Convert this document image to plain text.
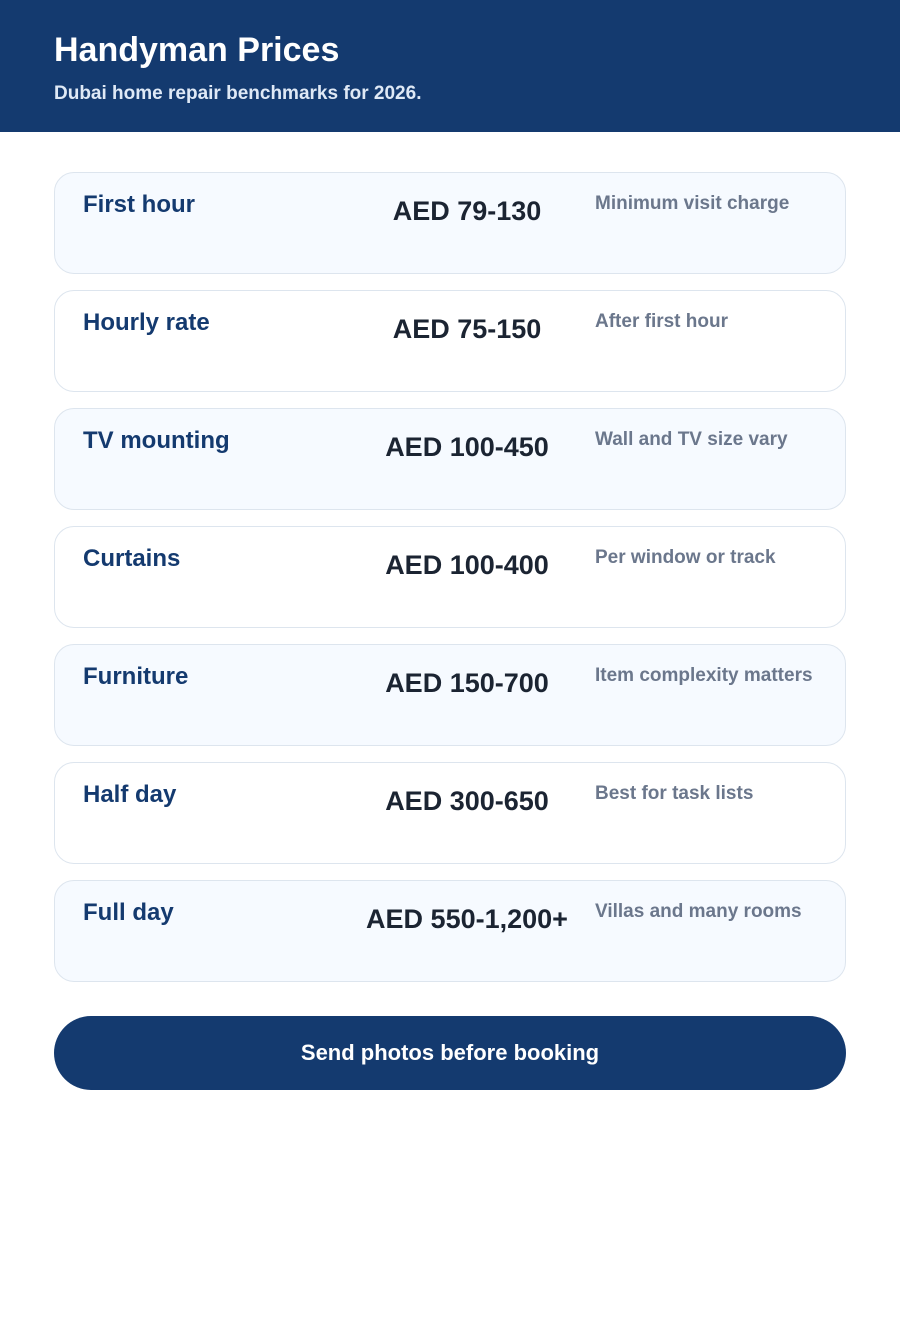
Handyman Prices

Dubai home repair benchmarks for 2026.

First hour	AED 79-130	Minimum visit charge
Hourly rate	AED 75-150	After first hour
TV mounting	AED 100-450	Wall and TV size vary
Curtains	AED 100-400	Per window or track
Furniture	AED 150-700	Item complexity matters
Half day	AED 300-650	Best for task lists
Full day	AED 550-1,200+	Villas and many rooms
Send photos before booking
